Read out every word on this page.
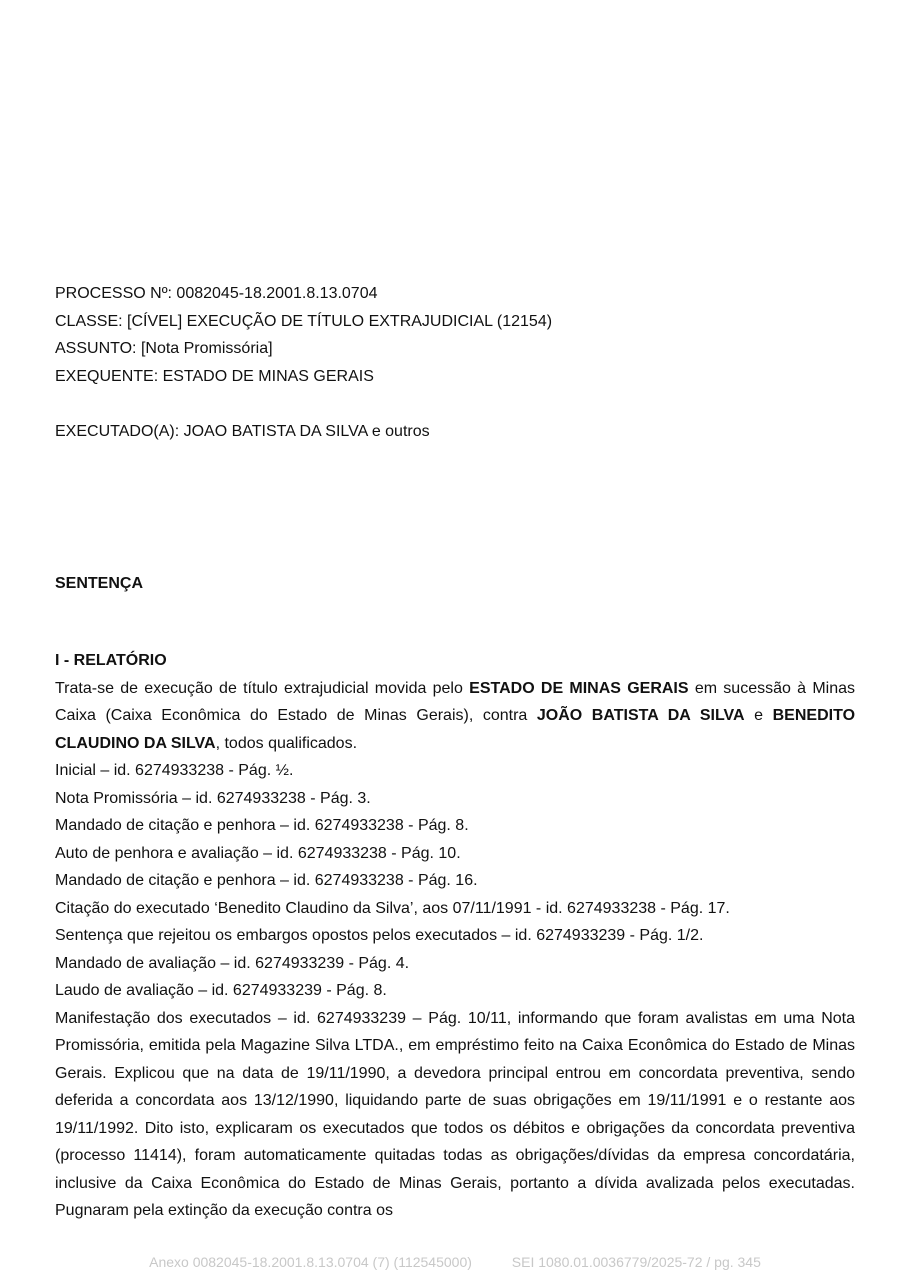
PROCESSO Nº: 0082045-18.2001.8.13.0704

CLASSE: [CÍVEL] EXECUÇÃO DE TÍTULO EXTRAJUDICIAL (12154)

ASSUNTO: [Nota Promissória]

EXEQUENTE: ESTADO DE MINAS GERAIS

EXECUTADO(A): JOAO BATISTA DA SILVA e outros

SENTENÇA

I - RELATÓRIO

Trata-se de execução de título extrajudicial movida pelo ESTADO DE MINAS GERAIS em sucessão à Minas Caixa (Caixa Econômica do Estado de Minas Gerais), contra JOÃO BATISTA DA SILVA e BENEDITO CLAUDINO DA SILVA, todos qualificados.

Inicial – id. 6274933238 - Pág. ½.

Nota Promissória – id. 6274933238 - Pág. 3.

Mandado de citação e penhora – id. 6274933238 - Pág. 8.

Auto de penhora e avaliação – id. 6274933238 - Pág. 10.

Mandado de citação e penhora – id. 6274933238 - Pág. 16.

Citação do executado ‘Benedito Claudino da Silva’, aos 07/11/1991 - id. 6274933238 - Pág. 17.

Sentença que rejeitou os embargos opostos pelos executados – id. 6274933239 - Pág. 1/2.

Mandado de avaliação – id. 6274933239 - Pág. 4.

Laudo de avaliação – id. 6274933239 - Pág. 8.

Manifestação dos executados – id. 6274933239 – Pág. 10/11, informando que foram avalistas em uma Nota Promissória, emitida pela Magazine Silva LTDA., em empréstimo feito na Caixa Econômica do Estado de Minas Gerais. Explicou que na data de 19/11/1990, a devedora principal entrou em concordata preventiva, sendo deferida a concordata aos 13/12/1990, liquidando parte de suas obrigações em 19/11/1991 e o restante aos 19/11/1992. Dito isto, explicaram os executados que todos os débitos e obrigações da concordata preventiva (processo 11414), foram automaticamente quitadas todas as obrigações/dívidas da empresa concordatária, inclusive da Caixa Econômica do Estado de Minas Gerais, portanto a dívida avalizada pelos executadas. Pugnaram pela extinção da execução contra os

Anexo 0082045-18.2001.8.13.0704 (7) (112545000)	SEI 1080.01.0036779/2025-72 / pg. 345
